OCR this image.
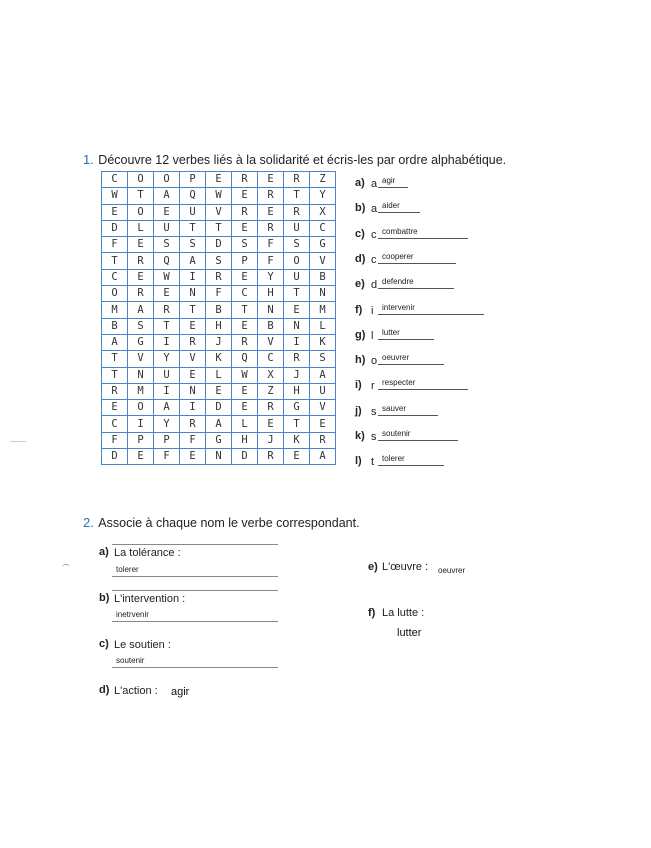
1. Découvre 12 verbes liés à la solidarité et écris-les par ordre alphabétique.
C	O	O	P	E	R	E	R	Z
W	T	A	Q	W	E	R	T	Y
E	O	E	U	V	R	E	R	X
D	L	U	T	T	E	R	U	C
F	E	S	S	D	S	F	S	G
T	R	Q	A	S	P	F	O	V
C	E	W	I	R	E	Y	U	B
O	R	E	N	F	C	H	T	N
M	A	R	T	B	T	N	E	M
B	S	T	E	H	E	B	N	L
A	G	I	R	J	R	V	I	K
T	V	Y	V	K	Q	C	R	S
T	N	U	E	L	W	X	J	A
R	M	I	N	E	E	Z	H	U
E	O	A	I	D	E	R	G	V
C	I	Y	R	A	L	E	T	E
F	P	P	F	G	H	J	K	R
D	E	F	E	N	D	R	E	A
a) a agir
b) a aider
c) c combattre
d) c cooperer
e) d defendre
f) i intervenir
g) l lutter
h) o oeuvrer
i) r respecter
j) s sauver
k) s soutenir
l) t tolerer
2. Associe à chaque nom le verbe correspondant.
a) La tolérance :
tolerer
b) L'intervention :
inetrvenir
c) Le soutien :
soutenir
d) L'action : agir
e) L'œuvre : oeuvrer
f) La lutte :
lutter
